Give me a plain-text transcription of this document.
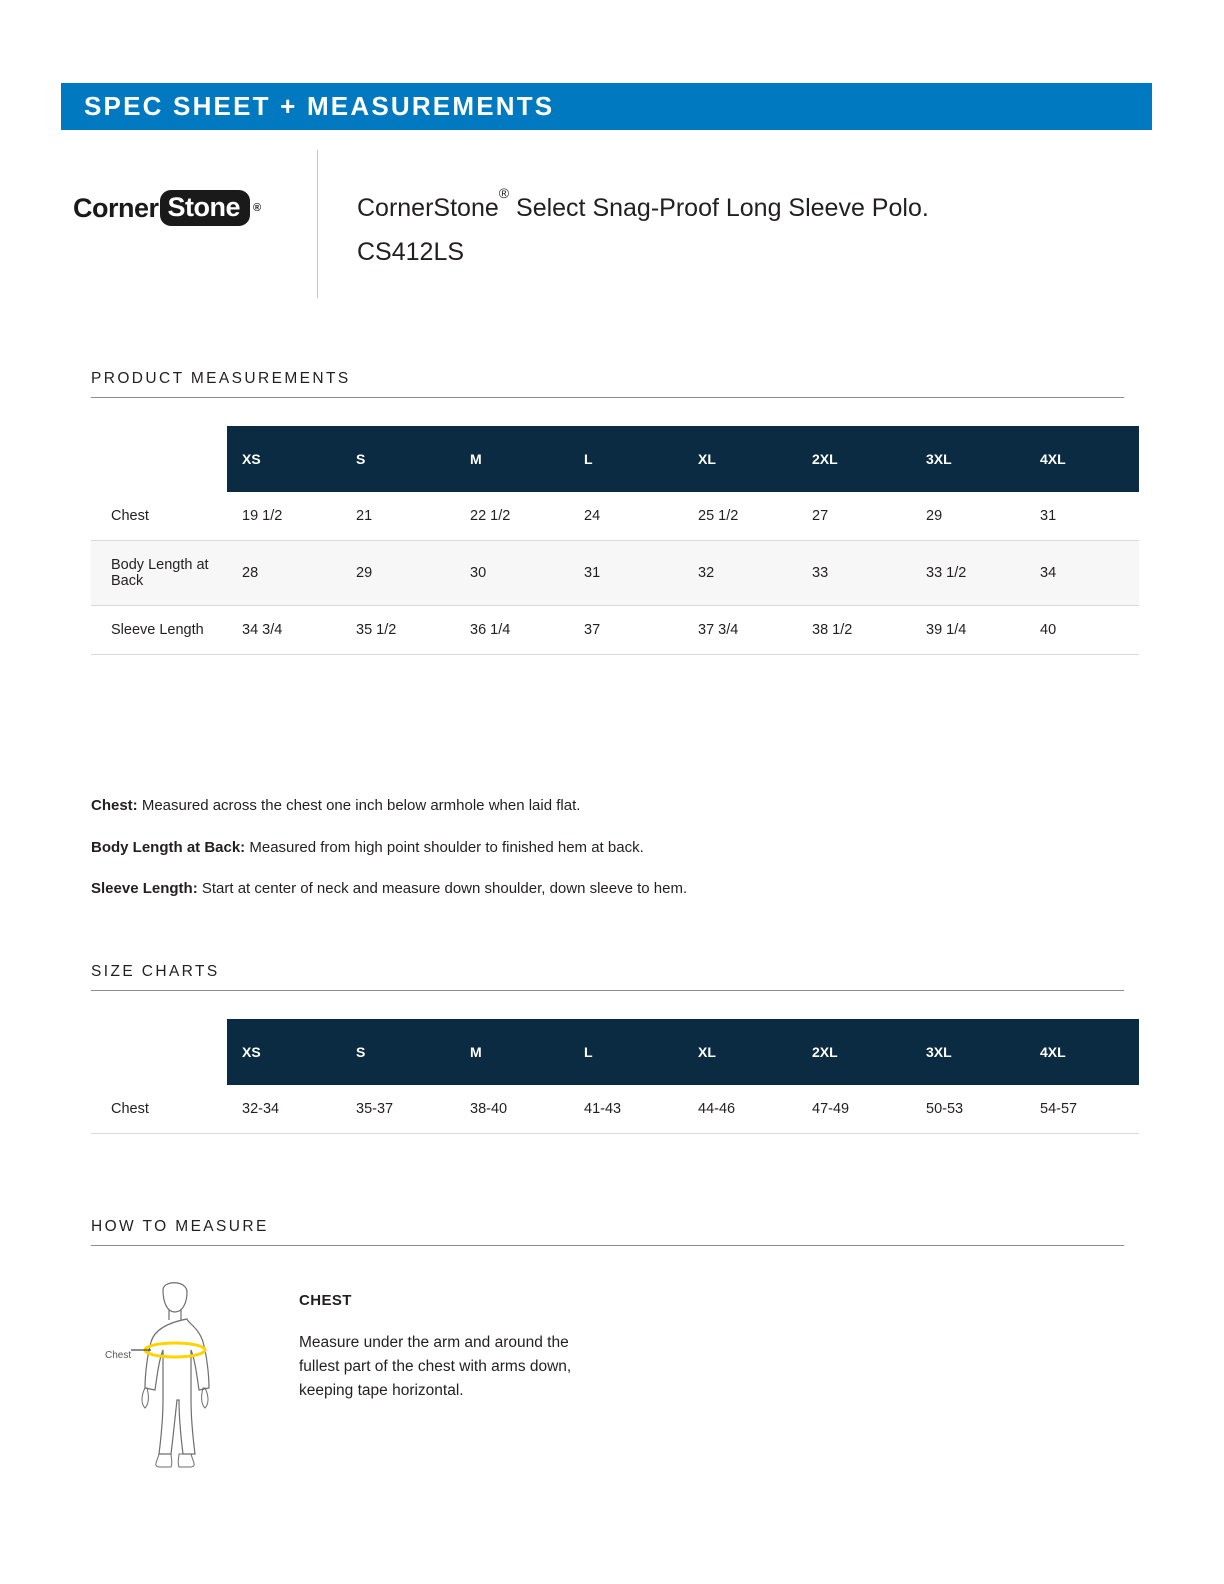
SPEC SHEET + MEASUREMENTS
Corner Stone	®	CornerStone® Select Snag-Proof Long Sleeve Polo.
CS412LS
PRODUCT MEASUREMENTS
	XS	S	M	L	XL	2XL	3XL	4XL
Chest	19 1/2	21	22 1/2	24	25 1/2	27	29	31
Body Length at Back	28	29	30	31	32	33	33 1/2	34
Sleeve Length	34 3/4	35 1/2	36 1/4	37	37 3/4	38 1/2	39 1/4	40
Chest: Measured across the chest one inch below armhole when laid flat.
Body Length at Back: Measured from high point shoulder to finished hem at back.
Sleeve Length: Start at center of neck and measure down shoulder, down sleeve to hem.
SIZE CHARTS
	XS	S	M	L	XL	2XL	3XL	4XL
Chest	32-34	35-37	38-40	41-43	44-46	47-49	50-53	54-57
HOW TO MEASURE
Chest
CHEST
Measure under the arm and around the fullest part of the chest with arms down, keeping tape horizontal.
